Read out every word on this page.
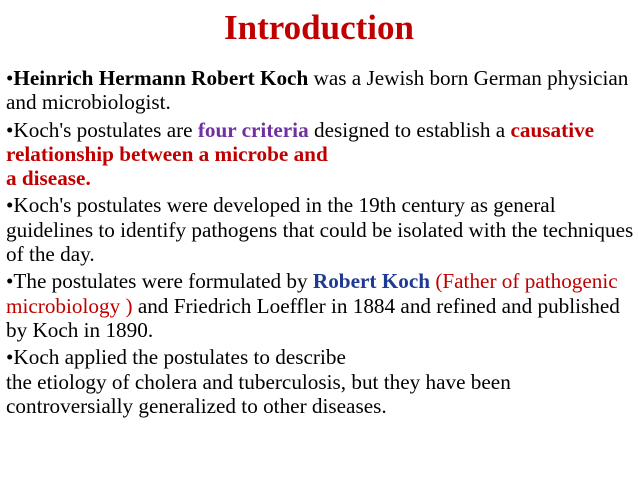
Introduction

•Heinrich Hermann Robert Koch was a Jewish born German physician and microbiologist.

•Koch's postulates are four criteria designed to establish a causative relationship between a microbe and
a disease.

•Koch's postulates were developed in the 19th century as general guidelines to identify pathogens that could be isolated with the techniques of the day.

•The postulates were formulated by Robert Koch (Father of pathogenic microbiology ) and Friedrich Loeffler in 1884 and refined and published by Koch in 1890.

•Koch applied the postulates to describe
the etiology of cholera and tuberculosis, but they have been controversially generalized to other diseases.
